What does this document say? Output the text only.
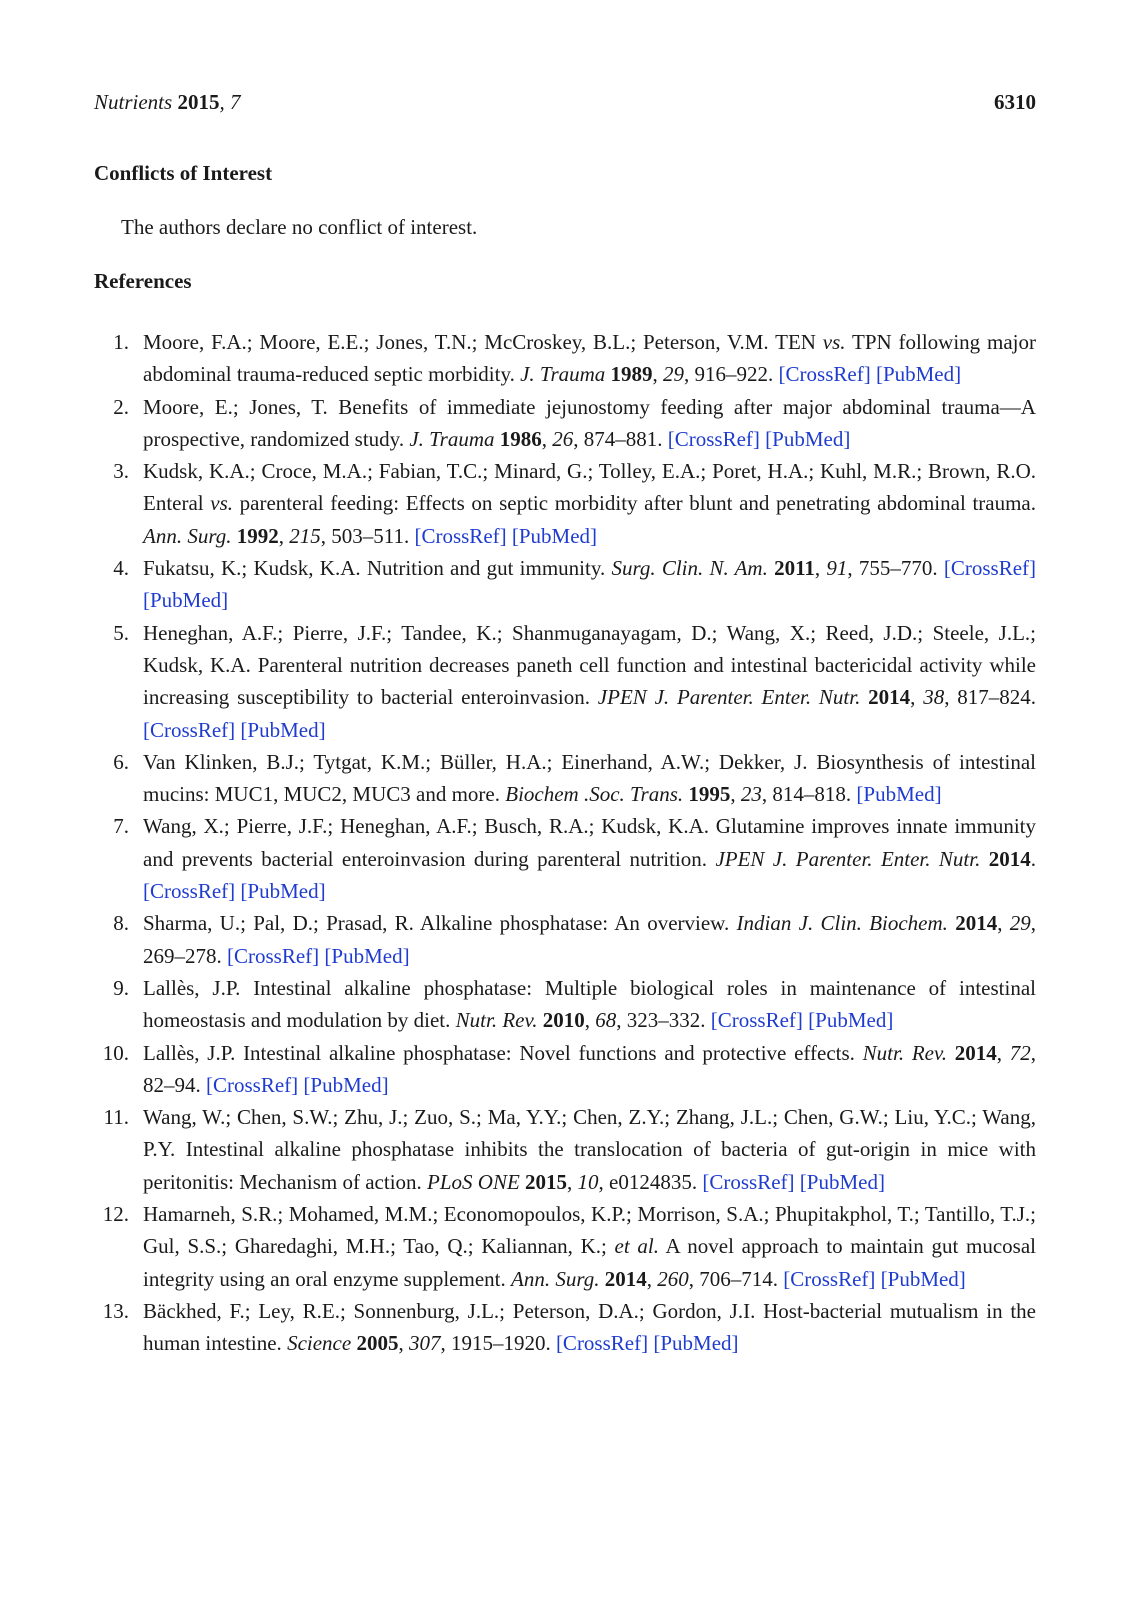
Nutrients 2015, 7	6310
Conflicts of Interest

The authors declare no conflict of interest.

References
1. Moore, F.A.; Moore, E.E.; Jones, T.N.; McCroskey, B.L.; Peterson, V.M. TEN vs. TPN following major abdominal trauma-reduced septic morbidity. J. Trauma 1989, 29, 916–922. [CrossRef] [PubMed]
2. Moore, E.; Jones, T. Benefits of immediate jejunostomy feeding after major abdominal trauma—A prospective, randomized study. J. Trauma 1986, 26, 874–881. [CrossRef] [PubMed]
3. Kudsk, K.A.; Croce, M.A.; Fabian, T.C.; Minard, G.; Tolley, E.A.; Poret, H.A.; Kuhl, M.R.; Brown, R.O. Enteral vs. parenteral feeding: Effects on septic morbidity after blunt and penetrating abdominal trauma. Ann. Surg. 1992, 215, 503–511. [CrossRef] [PubMed]
4. Fukatsu, K.; Kudsk, K.A. Nutrition and gut immunity. Surg. Clin. N. Am. 2011, 91, 755–770. [CrossRef] [PubMed]
5. Heneghan, A.F.; Pierre, J.F.; Tandee, K.; Shanmuganayagam, D.; Wang, X.; Reed, J.D.; Steele, J.L.; Kudsk, K.A. Parenteral nutrition decreases paneth cell function and intestinal bactericidal activity while increasing susceptibility to bacterial enteroinvasion. JPEN J. Parenter. Enter. Nutr. 2014, 38, 817–824. [CrossRef] [PubMed]
6. Van Klinken, B.J.; Tytgat, K.M.; Büller, H.A.; Einerhand, A.W.; Dekker, J. Biosynthesis of intestinal mucins: MUC1, MUC2, MUC3 and more. Biochem .Soc. Trans. 1995, 23, 814–818. [PubMed]
7. Wang, X.; Pierre, J.F.; Heneghan, A.F.; Busch, R.A.; Kudsk, K.A. Glutamine improves innate immunity and prevents bacterial enteroinvasion during parenteral nutrition. JPEN J. Parenter. Enter. Nutr. 2014. [CrossRef] [PubMed]
8. Sharma, U.; Pal, D.; Prasad, R. Alkaline phosphatase: An overview. Indian J. Clin. Biochem. 2014, 29, 269–278. [CrossRef] [PubMed]
9. Lallès, J.P. Intestinal alkaline phosphatase: Multiple biological roles in maintenance of intestinal homeostasis and modulation by diet. Nutr. Rev. 2010, 68, 323–332. [CrossRef] [PubMed]
10. Lallès, J.P. Intestinal alkaline phosphatase: Novel functions and protective effects. Nutr. Rev. 2014, 72, 82–94. [CrossRef] [PubMed]
11. Wang, W.; Chen, S.W.; Zhu, J.; Zuo, S.; Ma, Y.Y.; Chen, Z.Y.; Zhang, J.L.; Chen, G.W.; Liu, Y.C.; Wang, P.Y. Intestinal alkaline phosphatase inhibits the translocation of bacteria of gut-origin in mice with peritonitis: Mechanism of action. PLoS ONE 2015, 10, e0124835. [CrossRef] [PubMed]
12. Hamarneh, S.R.; Mohamed, M.M.; Economopoulos, K.P.; Morrison, S.A.; Phupitakphol, T.; Tantillo, T.J.; Gul, S.S.; Gharedaghi, M.H.; Tao, Q.; Kaliannan, K.; et al. A novel approach to maintain gut mucosal integrity using an oral enzyme supplement. Ann. Surg. 2014, 260, 706–714. [CrossRef] [PubMed]
13. Bäckhed, F.; Ley, R.E.; Sonnenburg, J.L.; Peterson, D.A.; Gordon, J.I. Host-bacterial mutualism in the human intestine. Science 2005, 307, 1915–1920. [CrossRef] [PubMed]
